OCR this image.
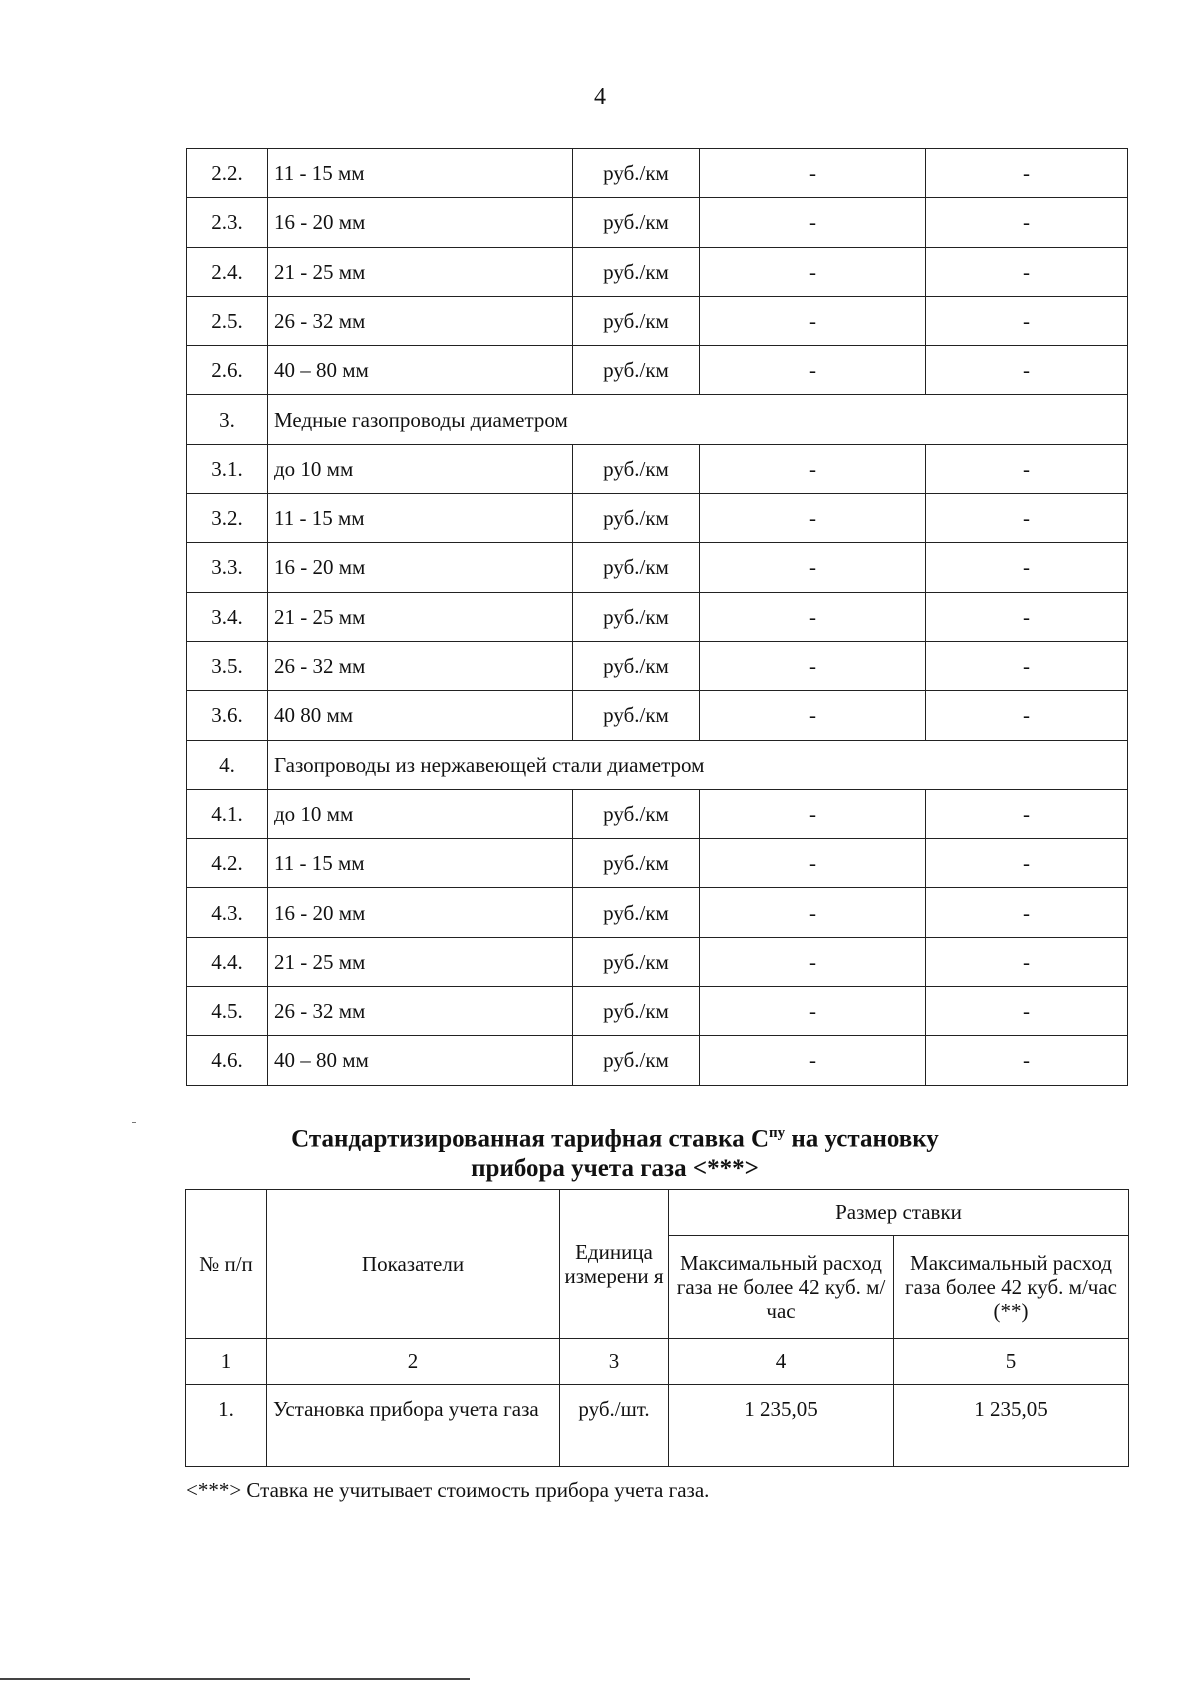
4
2.2.	11 - 15 мм	руб./км	-	-
2.3.	16 - 20 мм	руб./км	-	-
2.4.	21 - 25 мм	руб./км	-	-
2.5.	26 - 32 мм	руб./км	-	-
2.6.	40 – 80 мм	руб./км	-	-
3.	Медные газопроводы диаметром			
3.1.	до 10 мм	руб./км	-	-
3.2.	11 - 15 мм	руб./км	-	-
3.3.	16 - 20 мм	руб./км	-	-
3.4.	21 - 25 мм	руб./км	-	-
3.5.	26 - 32 мм	руб./км	-	-
3.6.	40 80 мм	руб./км	-	-
4.	Газопроводы из нержавеющей стали диаметром			
4.1.	до 10 мм	руб./км	-	-
4.2.	11 - 15 мм	руб./км	-	-
4.3.	16 - 20 мм	руб./км	-	-
4.4.	21 - 25 мм	руб./км	-	-
4.5.	26 - 32 мм	руб./км	-	-
4.6.	40 – 80 мм	руб./км	-	-
Стандартизированная тарифная ставка $C^{пу}$ на установку
прибора учета газа <***>
№ п/п	Показатели	Единица измерени я	Размер ставки	
			Максимальный расход газа не более 42 куб. м/час	Максимальный расход газа более 42 куб. м/час (**)
1	2	3	4	5
1.	Установка прибора учета газа	руб./шт.	1 235,05	1 235,05
<***> Ставка не учитывает стоимость прибора учета газа.
